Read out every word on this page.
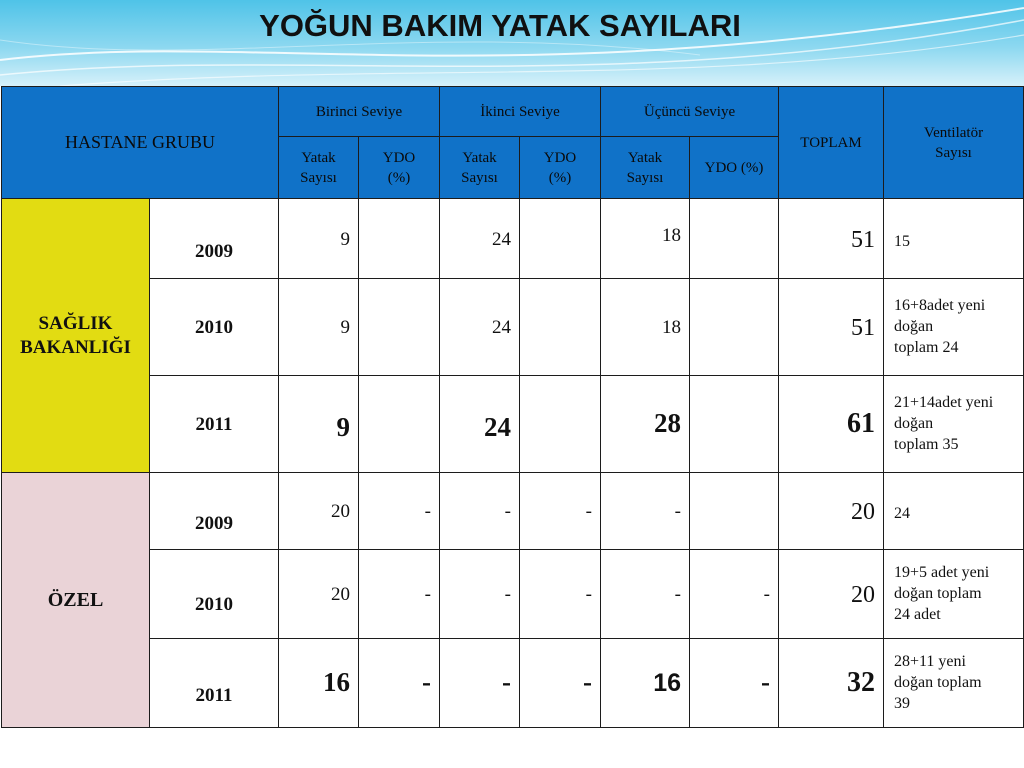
YOĞUN BAKIM YATAK SAYILARI
HASTANE GRUBU		Birinci Seviye		İkinci Seviye		Üçüncü Seviye		TOPLAM	Ventilatör
Sayısı
		Yatak
Sayısı	YDO
(%)	Yatak
Sayısı	YDO
(%)	Yatak
Sayısı	YDO (%)		
SAĞLIK
BAKANLIĞI	2009	9		24		18		51	15
	2010	9		24		18		51	16+8adet yeni
doğan
toplam 24
	2011	9		24		28		61	21+14adet yeni
doğan
toplam 35
ÖZEL	2009	20	-	-	-	-		20	24
	2010	20	-	-	-	-	-	20	19+5 adet yeni
doğan toplam
24 adet
	2011	16	-	-	-	16	-	32	28+11 yeni
doğan toplam
39
